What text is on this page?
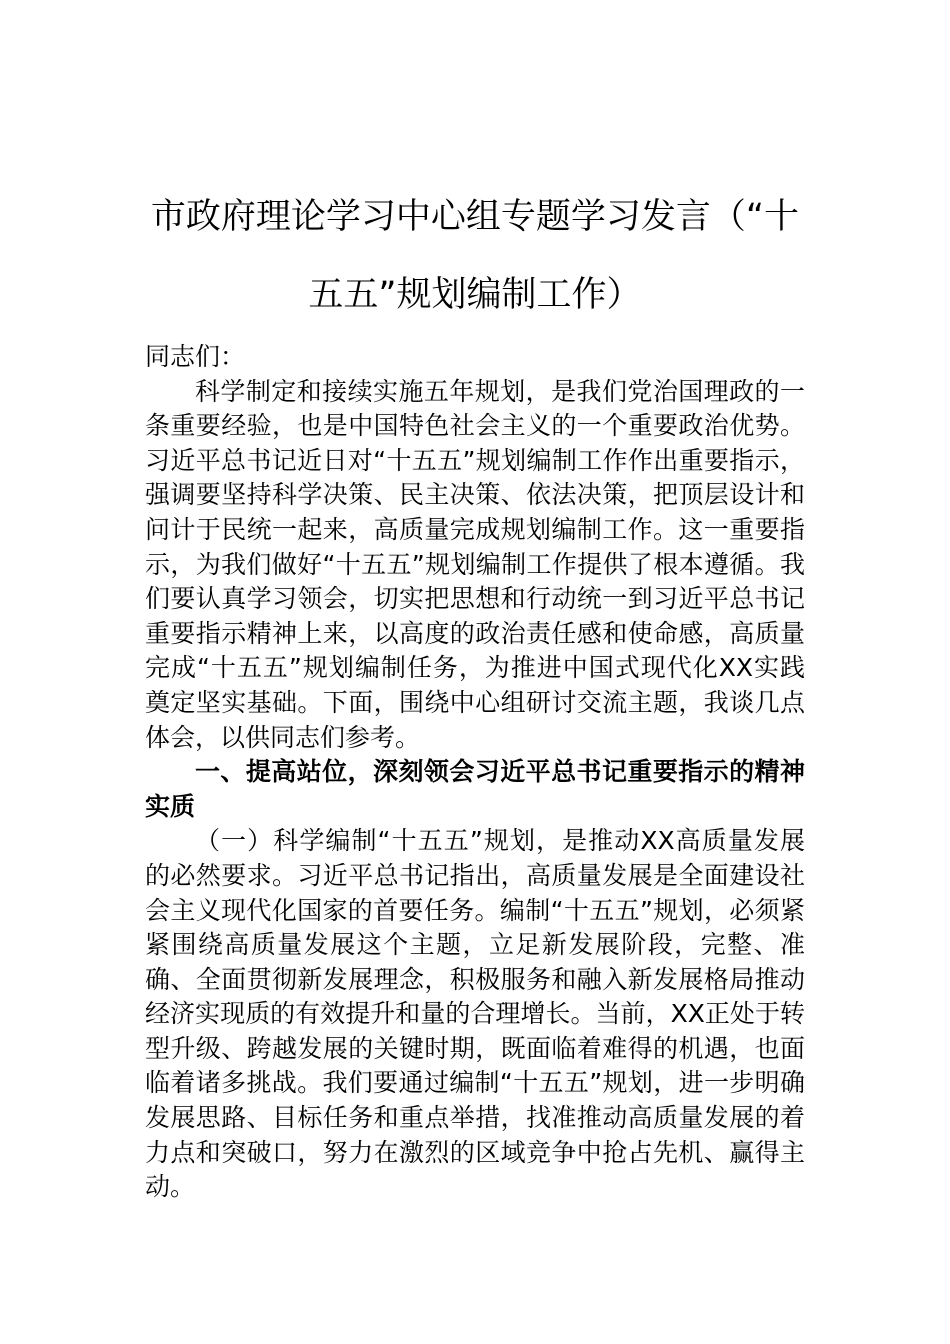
市政府理论学习中心组专题学习发言（“十五五”规划编制工作）

同志们：

科学制定和接续实施五年规划，是我们党治国理政的一条重要经验，也是中国特色社会主义的一个重要政治优势。习近平总书记近日对“十五五”规划编制工作作出重要指示，强调要坚持科学决策、民主决策、依法决策，把顶层设计和问计于民统一起来，高质量完成规划编制工作。这一重要指示，为我们做好“十五五”规划编制工作提供了根本遵循。我们要认真学习领会，切实把思想和行动统一到习近平总书记重要指示精神上来，以高度的政治责任感和使命感，高质量完成“十五五”规划编制任务，为推进中国式现代化XX实践奠定坚实基础。下面，围绕中心组研讨交流主题，我谈几点体会，以供同志们参考。

一、提高站位，深刻领会习近平总书记重要指示的精神实质

（一）科学编制“十五五”规划，是推动XX高质量发展的必然要求。习近平总书记指出，高质量发展是全面建设社会主义现代化国家的首要任务。编制“十五五”规划，必须紧紧围绕高质量发展这个主题，立足新发展阶段，完整、准确、全面贯彻新发展理念，积极服务和融入新发展格局推动经济实现质的有效提升和量的合理增长。当前，XX正处于转型升级、跨越发展的关键时期，既面临着难得的机遇，也面临着诸多挑战。我们要通过编制“十五五”规划，进一步明确发展思路、目标任务和重点举措，找准推动高质量发展的着力点和突破口，努力在激烈的区域竞争中抢占先机、赢得主动。
